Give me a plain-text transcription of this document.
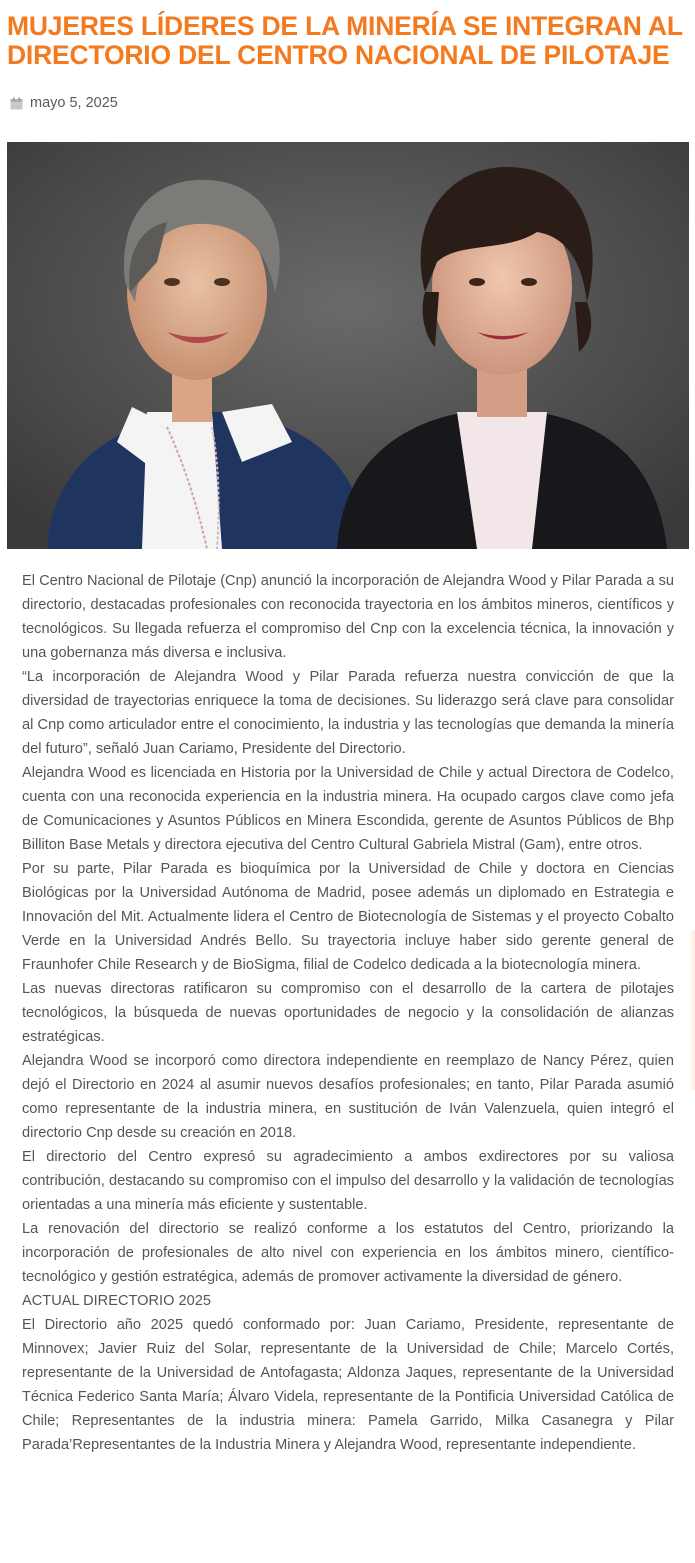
MUJERES LÍDERES DE LA MINERÍA SE INTEGRAN AL DIRECTORIO DEL CENTRO NACIONAL DE PILOTAJE
mayo 5, 2025

El Centro Nacional de Pilotaje (Cnp) anunció la incorporación de Alejandra Wood y Pilar Parada a su directorio, destacadas profesionales con reconocida trayectoria en los ámbitos mineros, científicos y tecnológicos. Su llegada refuerza el compromiso del Cnp con la excelencia técnica, la innovación y una gobernanza más diversa e inclusiva.

“La incorporación de Alejandra Wood y Pilar Parada refuerza nuestra convicción de que la diversidad de trayectorias enriquece la toma de decisiones. Su liderazgo será clave para consolidar al Cnp como articulador entre el conocimiento, la industria y las tecnologías que demanda la minería del futuro”, señaló Juan Cariamo, Presidente del Directorio.

Alejandra Wood es licenciada en Historia por la Universidad de Chile y actual Directora de Codelco, cuenta con una reconocida experiencia en la industria minera. Ha ocupado cargos clave como jefa de Comunicaciones y Asuntos Públicos en Minera Escondida, gerente de Asuntos Públicos de Bhp Billiton Base Metals y directora ejecutiva del Centro Cultural Gabriela Mistral (Gam), entre otros.

Por su parte, Pilar Parada es bioquímica por la Universidad de Chile y doctora en Ciencias Biológicas por la Universidad Autónoma de Madrid, posee además un diplomado en Estrategia e Innovación del Mit. Actualmente lidera el Centro de Biotecnología de Sistemas y el proyecto Cobalto Verde en la Universidad Andrés Bello. Su trayectoria incluye haber sido gerente general de Fraunhofer Chile Research y de BioSigma, filial de Codelco dedicada a la biotecnología minera.

Las nuevas directoras ratificaron su compromiso con el desarrollo de la cartera de pilotajes tecnológicos, la búsqueda de nuevas oportunidades de negocio y la consolidación de alianzas estratégicas.

Alejandra Wood se incorporó como directora independiente en reemplazo de Nancy Pérez, quien dejó el Directorio en 2024 al asumir nuevos desafíos profesionales; en tanto, Pilar Parada asumió como representante de la industria minera, en sustitución de Iván Valenzuela, quien integró el directorio Cnp desde su creación en 2018.

El directorio del Centro expresó su agradecimiento a ambos exdirectores por su valiosa contribución, destacando su compromiso con el impulso del desarrollo y la validación de tecnologías orientadas a una minería más eficiente y sustentable.

La renovación del directorio se realizó conforme a los estatutos del Centro, priorizando la incorporación de profesionales de alto nivel con experiencia en los ámbitos minero, científico-tecnológico y gestión estratégica, además de promover activamente la diversidad de género.

ACTUAL DIRECTORIO 2025

El Directorio año 2025 quedó conformado por: Juan Cariamo, Presidente, representante de Minnovex; Javier Ruiz del Solar, representante de la Universidad de Chile; Marcelo Cortés, representante de la Universidad de Antofagasta; Aldonza Jaques, representante de la Universidad Técnica Federico Santa María; Álvaro Videla, representante de la Pontificia Universidad Católica de Chile; Representantes de la industria minera: Pamela Garrido, Milka Casanegra y Pilar Parada’Representantes de la Industria Minera y Alejandra Wood, representante independiente.
